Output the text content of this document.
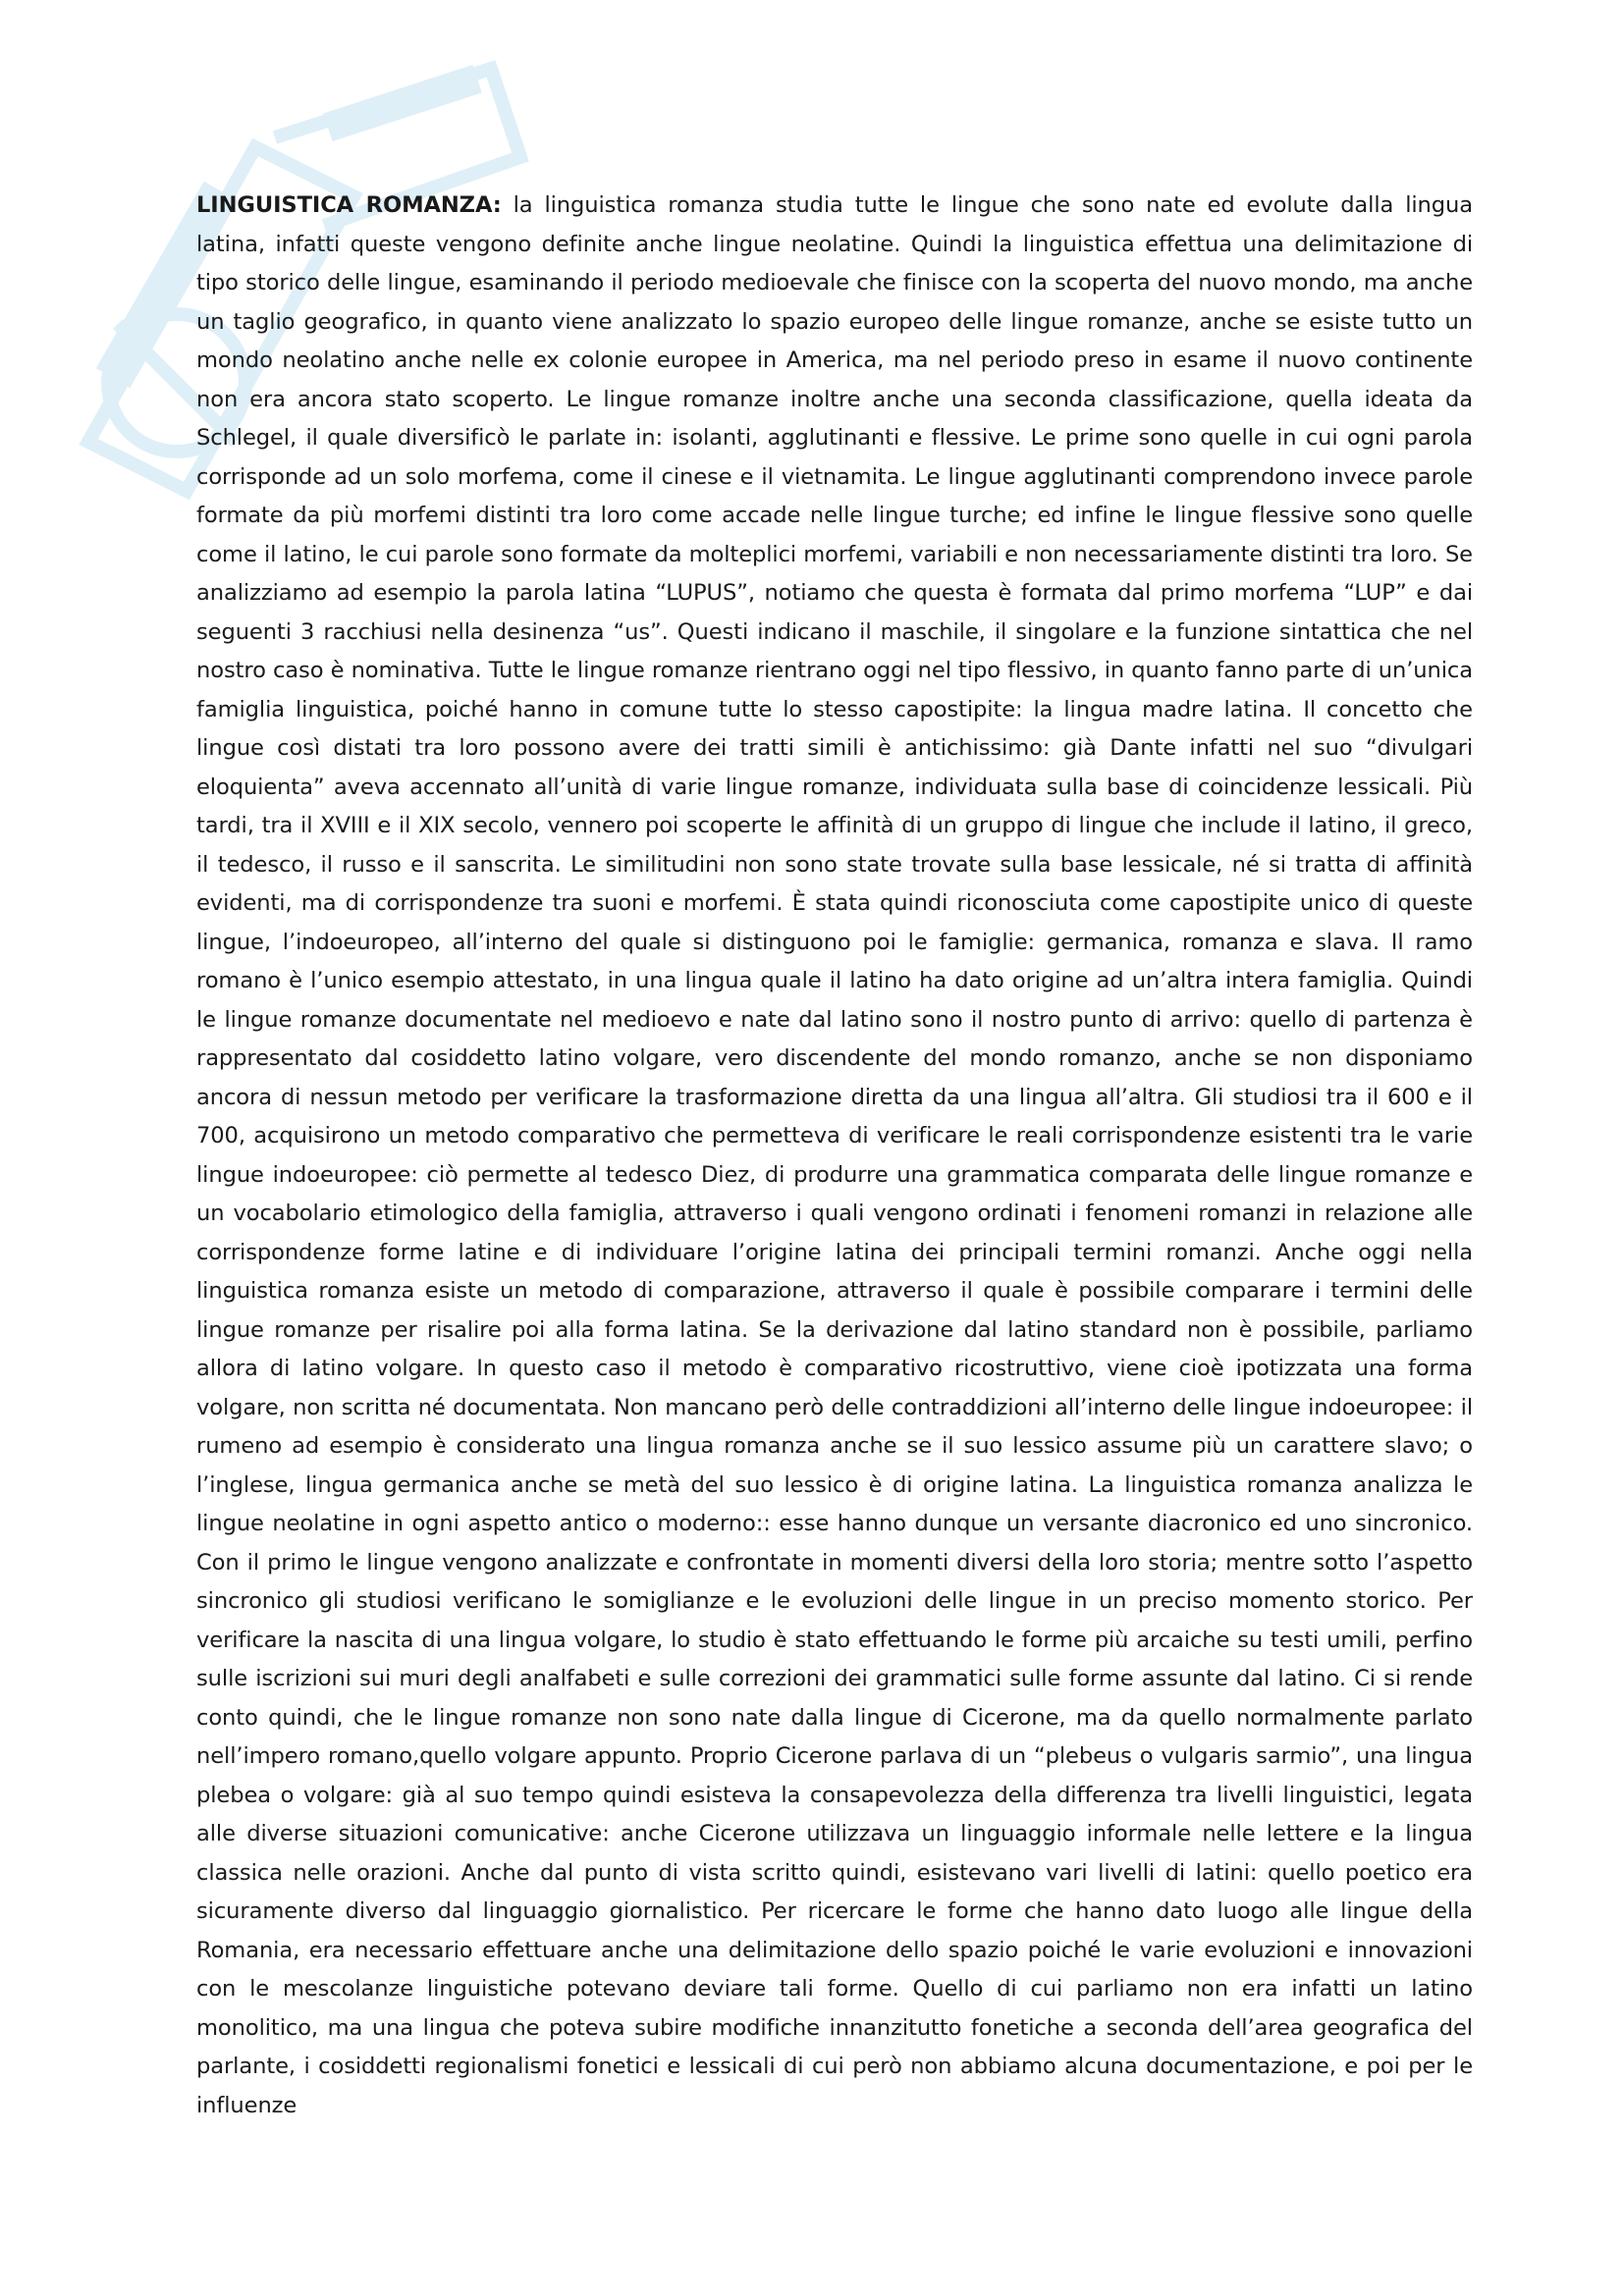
LINGUISTICA ROMANZA: la linguistica romanza studia tutte le lingue che sono nate ed evolute dalla lingua latina, infatti queste vengono definite anche lingue neolatine. Quindi la linguistica effettua una delimitazione di tipo storico delle lingue, esaminando il periodo medioevale che finisce con la scoperta del nuovo mondo, ma anche un taglio geografico, in quanto viene analizzato lo spazio europeo delle lingue romanze, anche se esiste tutto un mondo neolatino anche nelle ex colonie europee in America, ma nel periodo preso in esame il nuovo continente non era ancora stato scoperto. Le lingue romanze inoltre anche una seconda classificazione, quella ideata da Schlegel, il quale diversificò le parlate in: isolanti, agglutinanti e flessive. Le prime sono quelle in cui ogni parola corrisponde ad un solo morfema, come il cinese e il vietnamita. Le lingue agglutinanti comprendono invece parole formate da più morfemi distinti tra loro come accade nelle lingue turche; ed infine le lingue flessive sono quelle come il latino, le cui parole sono formate da molteplici morfemi, variabili e non necessariamente distinti tra loro. Se analizziamo ad esempio la parola latina “LUPUS”, notiamo che questa è formata dal primo morfema “LUP” e dai seguenti 3 racchiusi nella desinenza “us”. Questi indicano il maschile, il singolare e la funzione sintattica che nel nostro caso è nominativa. Tutte le lingue romanze rientrano oggi nel tipo flessivo, in quanto fanno parte di un’unica famiglia linguistica, poiché hanno in comune tutte lo stesso capostipite: la lingua madre latina. Il concetto che lingue così distati tra loro possono avere dei tratti simili è antichissimo: già Dante infatti nel suo “divulgari eloquienta” aveva accennato all’unità di varie lingue romanze, individuata sulla base di coincidenze lessicali. Più tardi, tra il XVIII e il XIX secolo, vennero poi scoperte le affinità di un gruppo di lingue che include il latino, il greco, il tedesco, il russo e il sanscrita. Le similitudini non sono state trovate sulla base lessicale, né si tratta di affinità evidenti, ma di corrispondenze tra suoni e morfemi. È stata quindi riconosciuta come capostipite unico di queste lingue, l’indoeuropeo, all’interno del quale si distinguono poi le famiglie: germanica, romanza e slava. Il ramo romano è l’unico esempio attestato, in una lingua quale il latino ha dato origine ad un’altra intera famiglia. Quindi le lingue romanze documentate nel medioevo e nate dal latino sono il nostro punto di arrivo: quello di partenza è rappresentato dal cosiddetto latino volgare, vero discendente del mondo romanzo, anche se non disponiamo ancora di nessun metodo per verificare la trasformazione diretta da una lingua all’altra. Gli studiosi tra il 600 e il 700, acquisirono un metodo comparativo che permetteva di verificare le reali corrispondenze esistenti tra le varie lingue indoeuropee: ciò permette al tedesco Diez, di produrre una grammatica comparata delle lingue romanze e un vocabolario etimologico della famiglia, attraverso i quali vengono ordinati i fenomeni romanzi in relazione alle corrispondenze forme latine e di individuare l’origine latina dei principali termini romanzi. Anche oggi nella linguistica romanza esiste un metodo di comparazione, attraverso il quale è possibile comparare i termini delle lingue romanze per risalire poi alla forma latina. Se la derivazione dal latino standard non è possibile, parliamo allora di latino volgare. In questo caso il metodo è comparativo ricostruttivo, viene cioè ipotizzata una forma volgare, non scritta né documentata. Non mancano però delle contraddizioni all’interno delle lingue indoeuropee: il rumeno ad esempio è considerato una lingua romanza anche se il suo lessico assume più un carattere slavo; o l’inglese, lingua germanica anche se metà del suo lessico è di origine latina. La linguistica romanza analizza le lingue neolatine in ogni aspetto antico o moderno:: esse hanno dunque un versante diacronico ed uno sincronico. Con il primo le lingue vengono analizzate e confrontate in momenti diversi della loro storia; mentre sotto l’aspetto sincronico gli studiosi verificano le somiglianze e le evoluzioni delle lingue in un preciso momento storico. Per verificare la nascita di una lingua volgare, lo studio è stato effettuando le forme più arcaiche su testi umili, perfino sulle iscrizioni sui muri degli analfabeti e sulle correzioni dei grammatici sulle forme assunte dal latino. Ci si rende conto quindi, che le lingue romanze non sono nate dalla lingue di Cicerone, ma da quello normalmente parlato nell’impero romano,quello volgare appunto. Proprio Cicerone parlava di un “plebeus o vulgaris sarmio”, una lingua plebea o volgare: già al suo tempo quindi esisteva la consapevolezza della differenza tra livelli linguistici, legata alle diverse situazioni comunicative: anche Cicerone utilizzava un linguaggio informale nelle lettere e la lingua classica nelle orazioni. Anche dal punto di vista scritto quindi, esistevano vari livelli di latini: quello poetico era sicuramente diverso dal linguaggio giornalistico. Per ricercare le forme che hanno dato luogo alle lingue della Romania, era necessario effettuare anche una delimitazione dello spazio poiché le varie evoluzioni e innovazioni con le mescolanze linguistiche potevano deviare tali forme. Quello di cui parliamo non era infatti un latino monolitico, ma una lingua che poteva subire modifiche innanzitutto fonetiche a seconda dell’area geografica del parlante, i cosiddetti regionalismi fonetici e lessicali di cui però non abbiamo alcuna documentazione, e poi per le influenze
